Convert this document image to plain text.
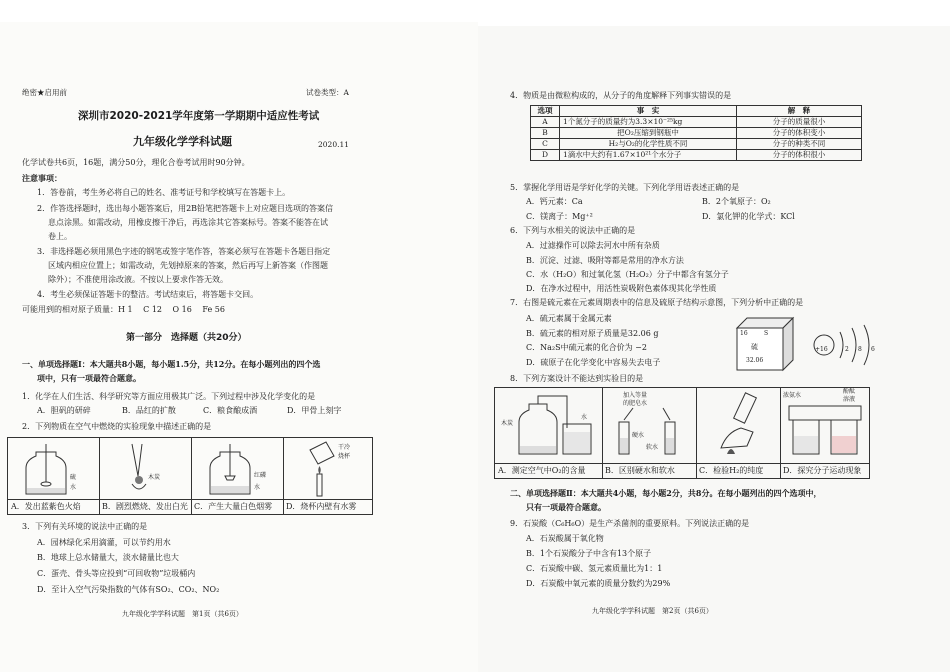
绝密★启用前	试卷类型：A
深圳市2020-2021学年度第一学期期中适应性考试
九年级化学学科试题	2020.11
化学试卷共6页，16题，满分50分，理化合卷考试用时90分钟。
注意事项：
1．答卷前，考生务必将自己的姓名、准考证号和学校填写在答题卡上。
2．作答选择题时，选出每小题答案后，用2B铅笔把答题卡上对应题目选项的答案信
息点涂黑。如需改动，用橡皮擦干净后，再选涂其它答案标号。答案不能答在试
卷上。
3．非选择题必须用黑色字迹的钢笔或签字笔作答，答案必须写在答题卡各题目指定
区域内相应位置上；如需改动，先划掉原来的答案，然后再写上新答案（作图题
除外）；不准使用涂改液。不按以上要求作答无效。
4．考生必须保证答题卡的整洁。考试结束后，将答题卡交回。
可能用到的相对原子质量：H 1　 C 12　 O 16　 Fe 56
第一部分　选择题（共20分）
一、单项选择题Ⅰ：本大题共8小题，每小题1.5分，共12分。在每小题列出的四个选
项中，只有一项最符合题意。
1．化学在人们生活、科学研究等方面应用极其广泛。下列过程中涉及化学变化的是
A．胆矾的研碎	B．品红的扩散	C．粮食酿成酒	D．甲骨上刻字
2．下列物质在空气中燃烧的实验现象中描述正确的是
硫
水
木炭	红磷
水
干冷
烧杯
A．发出蓝紫色火焰	B．剧烈燃烧、发出白光 C．产生大量白色烟雾 D．烧杯内壁有水雾
3．下列有关环境的说法中正确的是
A．园林绿化采用滴灌，可以节约用水
B．地球上总水储量大，淡水储量比也大
C．蛋壳、骨头等应投到“可回收物”垃圾桶内
D．至计入空气污染指数的气体有SO₂、CO₂、NO₂
九年级化学学科试题　第1页（共6页）
4．物质是由微粒构成的，从分子的角度解释下列事实错误的是
选项	事　实	解　释
A	1个氮分子的质量约为3.3×10⁻²⁵kg	分子的质量很小
B	把O₂压缩到钢瓶中	分子的体积变小
C	H₂与O₂的化学性质不同	分子的种类不同
D	1滴水中大约有1.67×10²¹个水分子	分子的体积很小
5．掌握化学用语是学好化学的关键。下列化学用语表述正确的是
A．钙元素：Ca	B．2个氧原子：O₂
C．镁离子：Mg⁺²	D．氯化钾的化学式：KCl
6．下列与水相关的说法中正确的是
A．过滤操作可以除去河水中所有杂质
B．沉淀、过滤、吸附等都是常用的净水方法
C．水（H₂O）和过氧化氢（H₂O₂）分子中都含有氢分子
D．在净水过程中，用活性炭吸附色素体现其化学性质
7．右图是硫元素在元素周期表中的信息及硫原子结构示意图，下列分析中正确的是
A．硫元素属于金属元素
B．硫元素的相对原子质量是32.06 g
C．Na₂S中硫元素的化合价为 −2
D．硫原子在化学变化中容易失去电子
16	S
硫
32.06
+16	2 8 6
8．下列方案设计不能达到实验目的是
木炭
水
加入等量
的肥皂水
硬水
软水
浓氨水
酚酞
溶液
A．测定空气中O₂的含量 B．区别硬水和软水	C．检验H₂的纯度 D．探究分子运动现象
二、单项选择题Ⅱ：本大题共4小题，每小题2分，共8分。在每小题列出的四个选项中，
只有一项最符合题意。
9．石炭酸（C₆H₆O）是生产杀菌剂的重要原料。下列说法正确的是
A．石炭酸属于氧化物
B．1个石炭酸分子中含有13个原子
C．石炭酸中碳、氢元素质量比为1：1
D．石炭酸中氧元素的质量分数约为29%
九年级化学学科试题　第2页（共6页）
